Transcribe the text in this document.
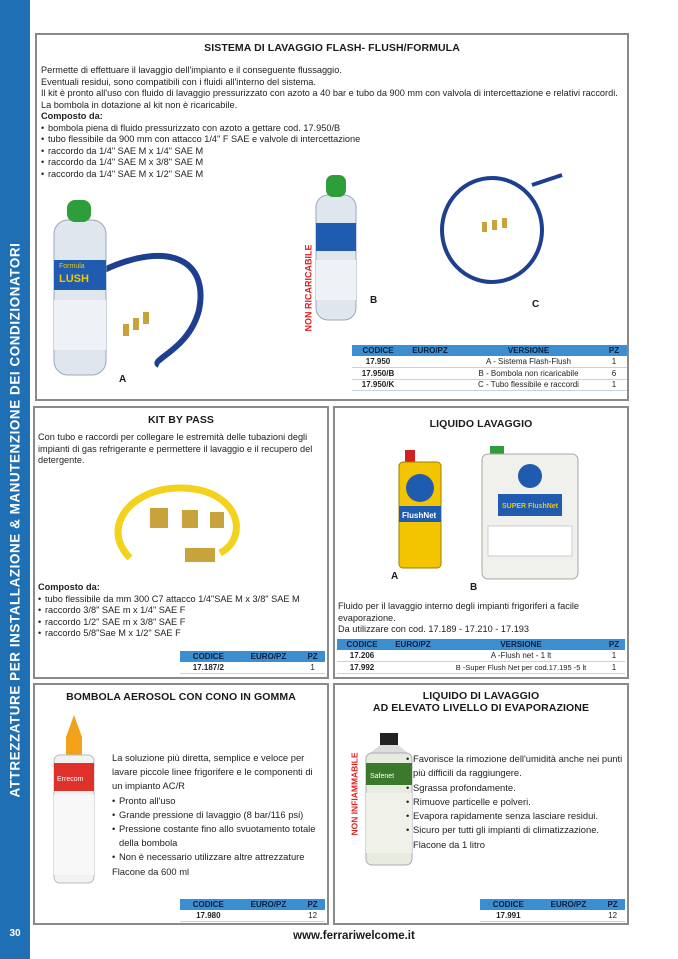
ATTREZZATURE PER INSTALLAZIONE & MANUTENZIONE DEI CONDIZIONATORI
30
SISTEMA DI LAVAGGIO FLASH- FLUSH/FORMULA

Permette di effettuare il lavaggio dell'impianto e il conseguente flussaggio.

Eventuali residui, sono compatibili con i fluidi all'interno del sistema.

Il kit è pronto all'uso con fluido di lavaggio pressurizzato con azoto a 40 bar e tubo da 900 mm con valvola di intercettazione e relativi raccordi.

La bombola in dotazione al kit non è ricaricabile.

Composto da:

• bombola piena di fluido pressurizzato con azoto a gettare cod. 17.950/B
• tubo flessibile da 900 mm con attacco 1/4" F SAE e valvole di intercettazione
• raccordo da 1/4" SAE M x 1/4" SAE M
• raccordo da 1/4" SAE M x 3/8" SAE M
• raccordo da 1/4" SAE M x 1/2" SAE M
LUSH
Formula
A
NON RICARICABILE	B	C
CODICE	EURO/PZ	VERSIONE	PZ
17.950		A - Sistema Flash-Flush	1
17.950/B		B - Bombola non ricaricabile	6
17.950/K		C - Tubo flessibile e raccordi	1
KIT BY PASS
Con tubo e raccordi per collegare le estremità delle tubazioni degli impianti di gas refrigerante e permettere il lavaggio e il recupero del detergente.

Composto da:

• tubo flessibile da mm 300 C7 attacco 1/4"SAE M x 3/8" SAE M
• raccordo 3/8" SAE m x 1/4" SAE F
• raccordo 1/2" SAE m x 3/8" SAE F
• raccordo 5/8"Sae M x 1/2" SAE F
CODICE	EURO/PZ	PZ
17.187/2		1
LIQUIDO LAVAGGIO
FlushNet
A
SUPER FlushNet
B

Fluido per il lavaggio interno degli impianti frigoriferi a facile evaporazione.

Da utilizzare con cod. 17.189 - 17.210 - 17.193

CODICE	EURO/PZ	VERSIONE	PZ
17.206		A -Flush net - 1 lt	1
17.992		B -Super Flush Net per cod.17.195 -5 lt	1
BOMBOLA AEROSOL CON CONO IN GOMMA
Errecom

La soluzione più diretta, semplice e veloce per lavare piccole linee frigorifere e le componenti di un impianto AC/R

• Pronto all'uso
• Grande pressione di lavaggio (8 bar/116 psi)
• Pressione costante fino allo svuotamento totale della bombola
• Non è necessario utilizzare altre attrezzature

Flacone da 600 ml

CODICE	EURO/PZ	PZ
17.980		12
LIQUIDO DI LAVAGGIO
AD ELEVATO LIVELLO DI EVAPORAZIONE
NON INFIAMMABILE Safenet
• Favorisce la rimozione dell'umidità anche nei punti più difficili da raggiungere.
• Sgrassa profondamente.
• Rimuove particelle e polveri.
• Evapora rapidamente senza lasciare residui.
• Sicuro per tutti gli impianti di climatizzazione.

Flacone da 1 litro

CODICE	EURO/PZ	PZ
17.991		12
www.ferrariwelcome.it
